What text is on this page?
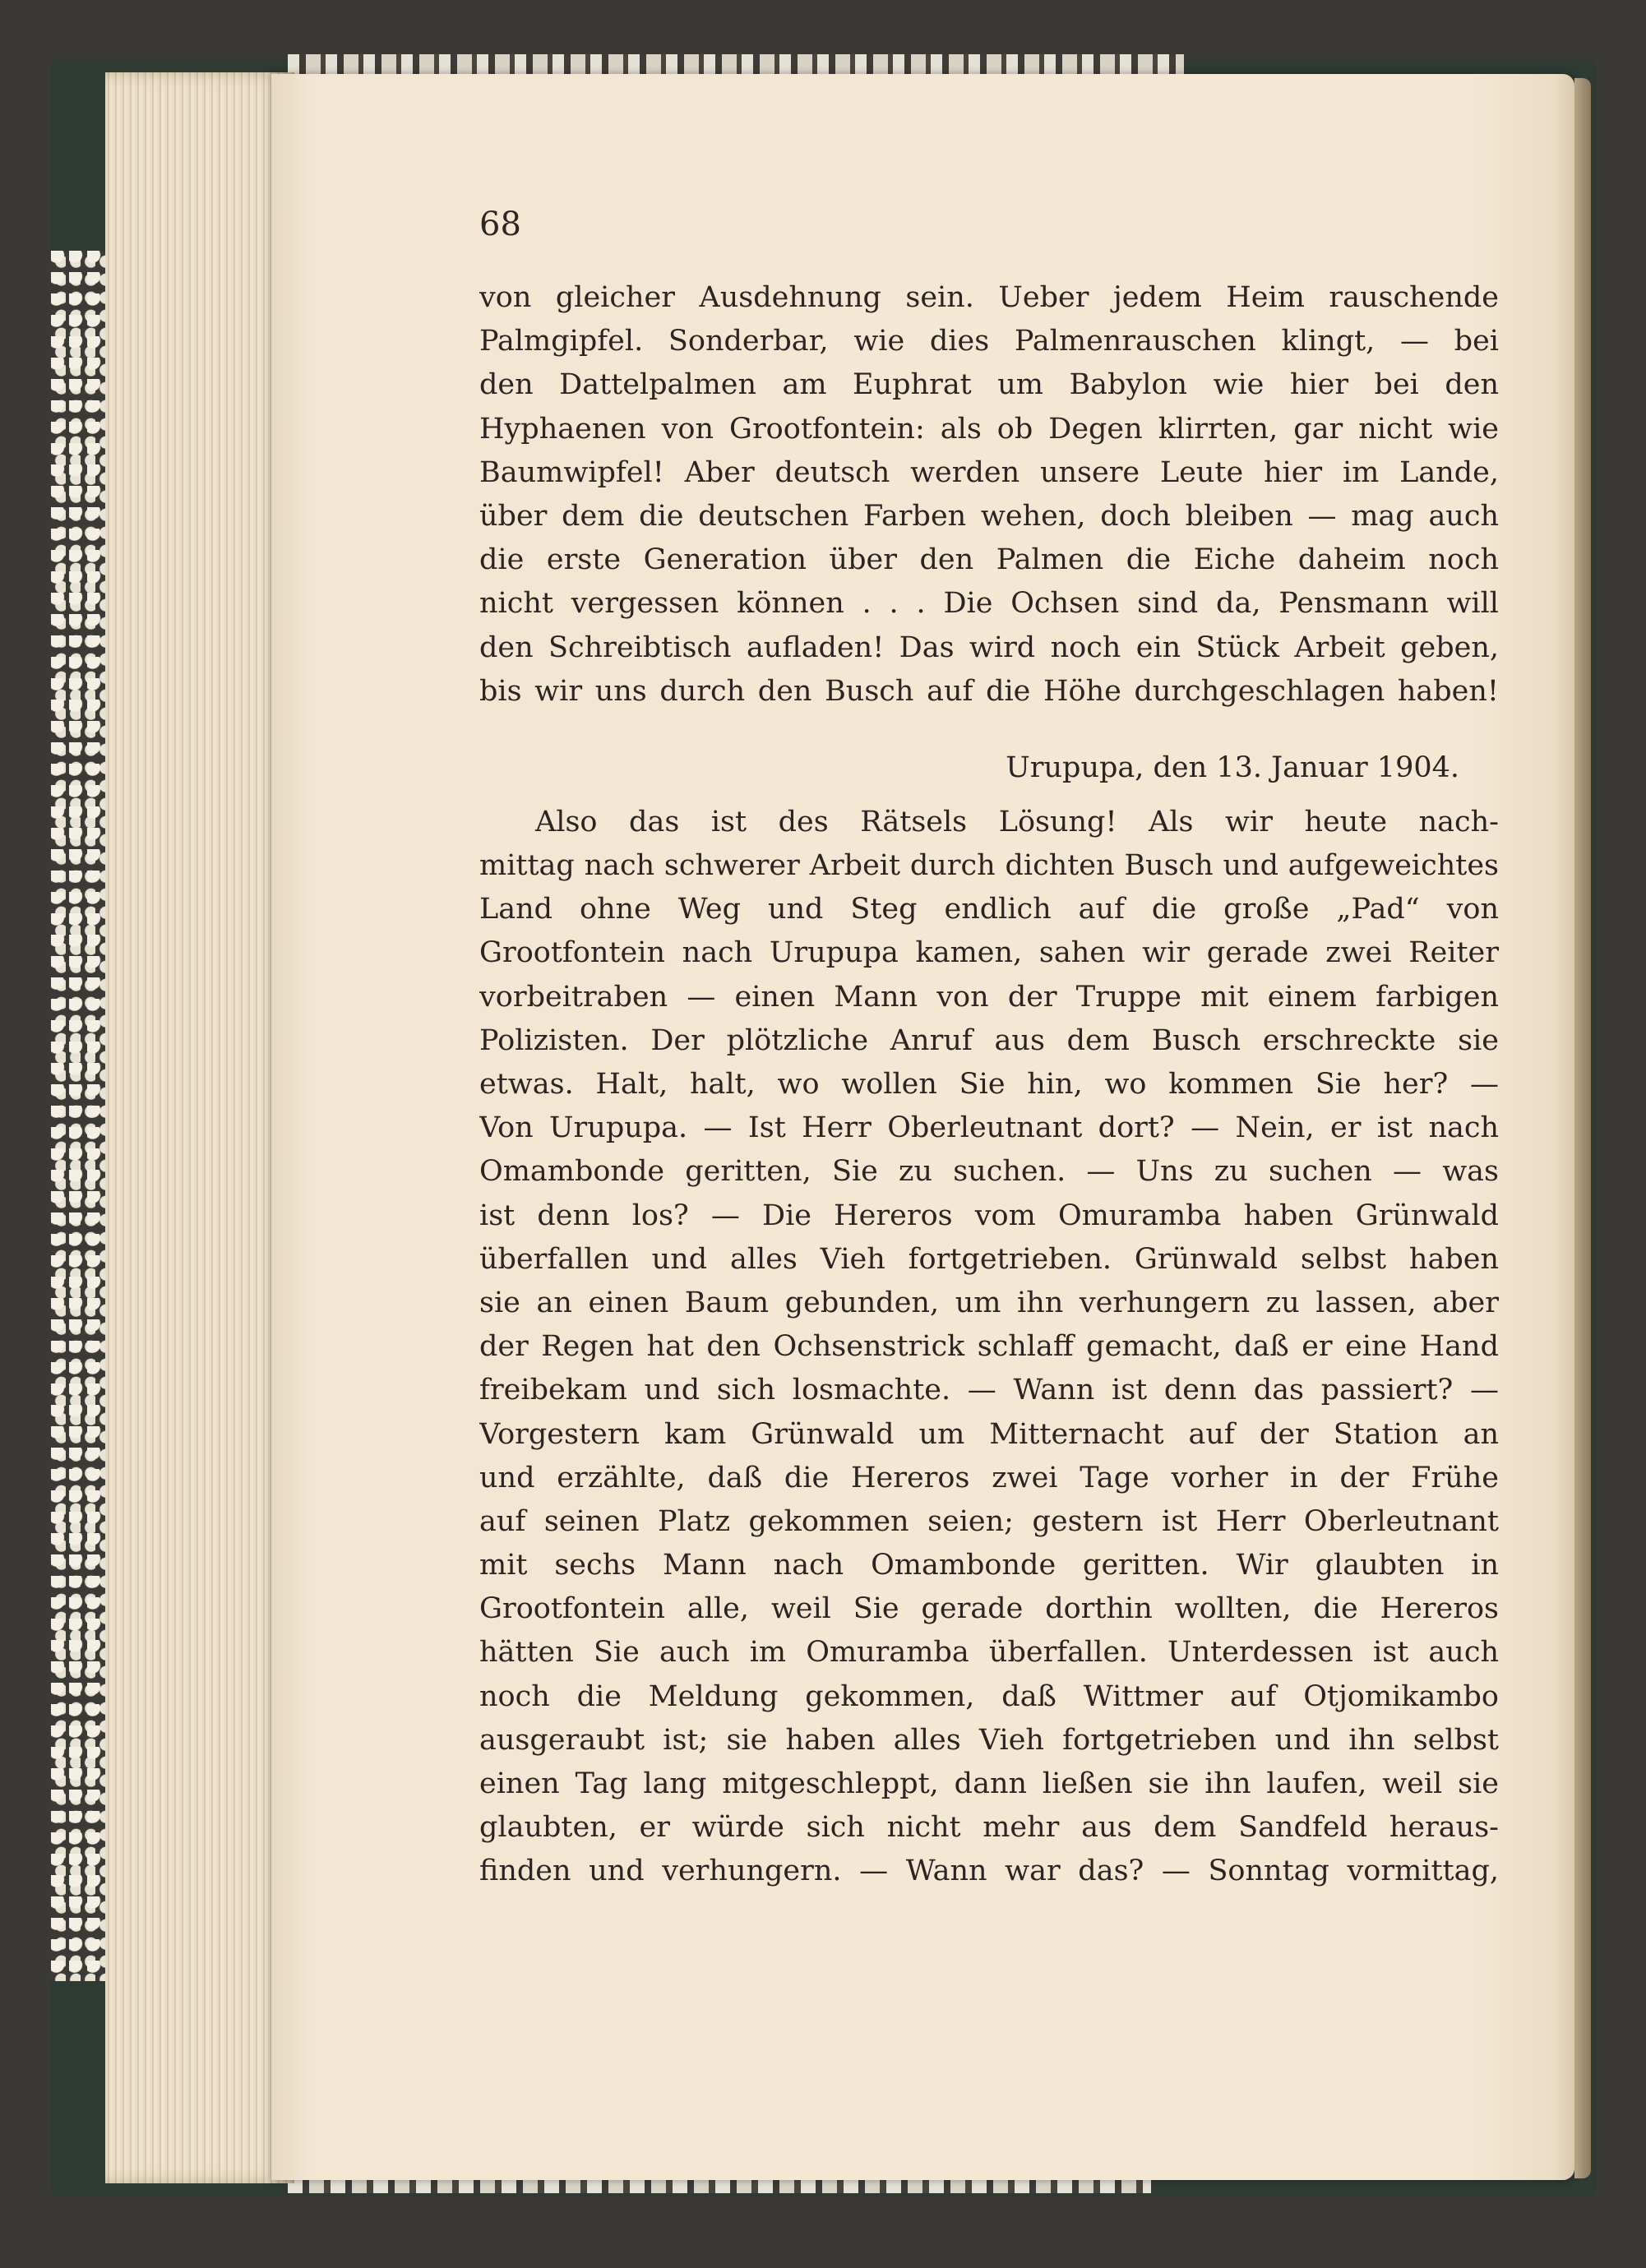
68
von gleicher Ausdehnung sein. Ueber jedem Heim rauschende
Palmgipfel. Sonderbar, wie dies Palmenrauschen klingt, — bei
den Dattelpalmen am Euphrat um Babylon wie hier bei den
Hyphaenen von Grootfontein: als ob Degen klirrten, gar nicht wie
Baumwipfel! Aber deutsch werden unsere Leute hier im Lande,
über dem die deutschen Farben wehen, doch bleiben — mag auch
die erste Generation über den Palmen die Eiche daheim noch
nicht vergessen können . . . Die Ochsen sind da, Pensmann will
den Schreibtisch aufladen! Das wird noch ein Stück Arbeit geben,
bis wir uns durch den Busch auf die Höhe durchgeschlagen haben!
Urupupa, den 13. Januar 1904.
Also das ist des Rätsels Lösung! Als wir heute nach-
mittag nach schwerer Arbeit durch dichten Busch und aufgeweichtes
Land ohne Weg und Steg endlich auf die große „Pad“ von
Grootfontein nach Urupupa kamen, sahen wir gerade zwei Reiter
vorbeitraben — einen Mann von der Truppe mit einem farbigen
Polizisten. Der plötzliche Anruf aus dem Busch erschreckte sie
etwas. Halt, halt, wo wollen Sie hin, wo kommen Sie her? —
Von Urupupa. — Ist Herr Oberleutnant dort? — Nein, er ist nach
Omambonde geritten, Sie zu suchen. — Uns zu suchen — was
ist denn los? — Die Hereros vom Omuramba haben Grünwald
überfallen und alles Vieh fortgetrieben. Grünwald selbst haben
sie an einen Baum gebunden, um ihn verhungern zu lassen, aber
der Regen hat den Ochsenstrick schlaff gemacht, daß er eine Hand
freibekam und sich losmachte. — Wann ist denn das passiert? —
Vorgestern kam Grünwald um Mitternacht auf der Station an
und erzählte, daß die Hereros zwei Tage vorher in der Frühe
auf seinen Platz gekommen seien; gestern ist Herr Oberleutnant
mit sechs Mann nach Omambonde geritten. Wir glaubten in
Grootfontein alle, weil Sie gerade dorthin wollten, die Hereros
hätten Sie auch im Omuramba überfallen. Unterdessen ist auch
noch die Meldung gekommen, daß Wittmer auf Otjomikambo
ausgeraubt ist; sie haben alles Vieh fortgetrieben und ihn selbst
einen Tag lang mitgeschleppt, dann ließen sie ihn laufen, weil sie
glaubten, er würde sich nicht mehr aus dem Sandfeld heraus-
finden und verhungern. — Wann war das? — Sonntag vormittag,
